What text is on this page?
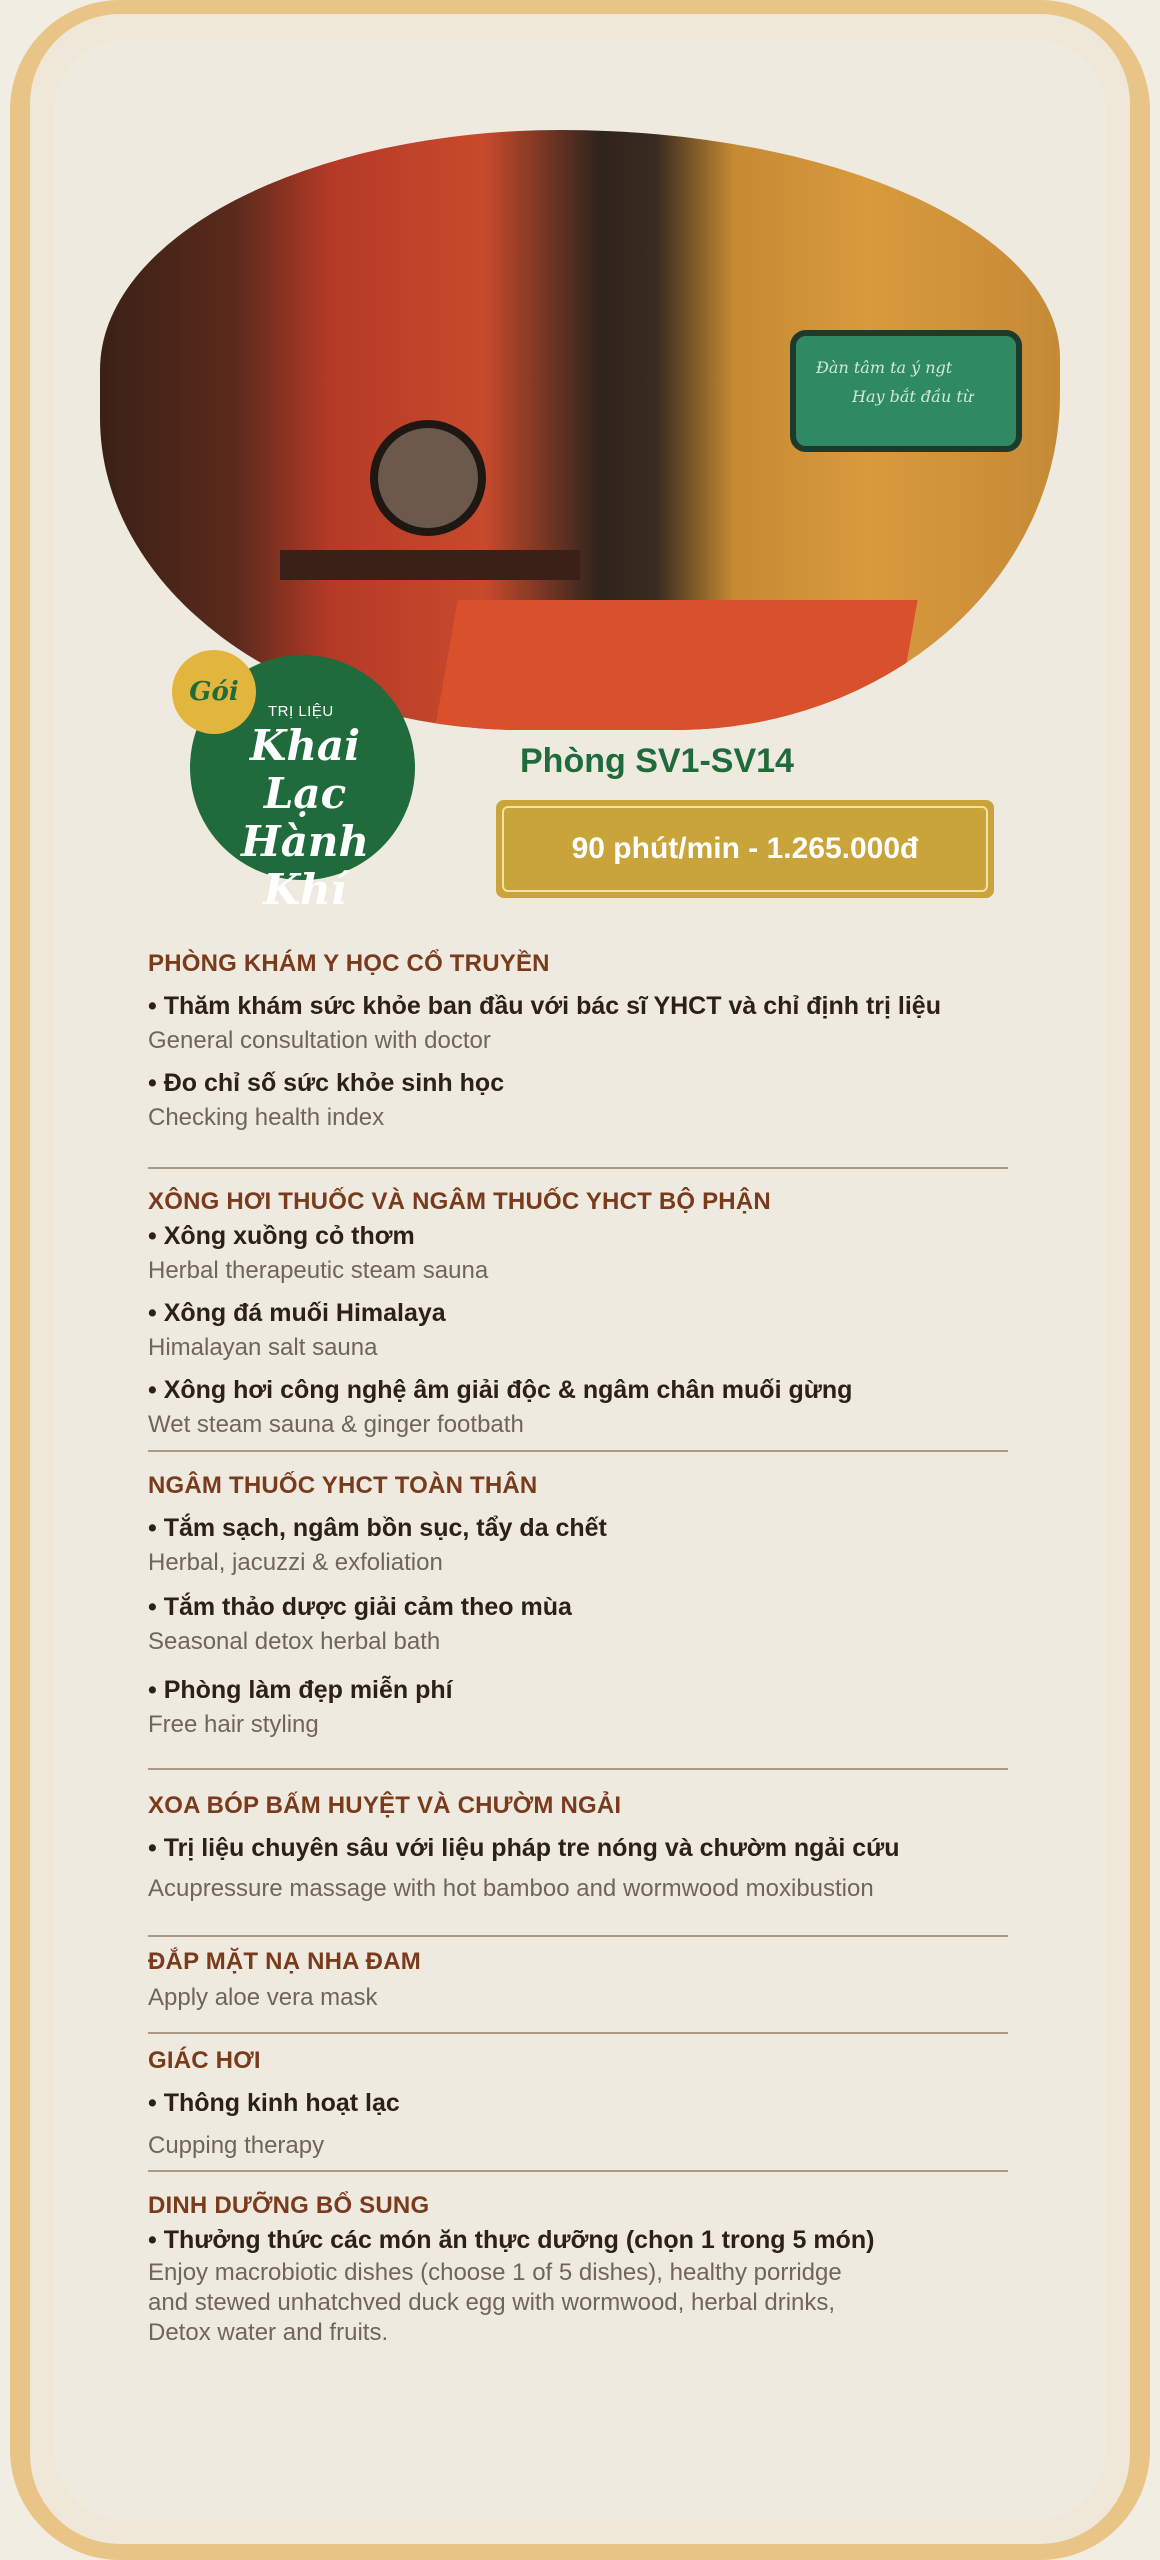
Đàn tâm ta ý ngt
Hay bắt đầu từ
Gói
TRỊ LIỆU
Khai Lạc
Hành Khí
Phòng SV1-SV14
90 phút/min - 1.265.000đ

PHÒNG KHÁM Y HỌC CỔ TRUYỀN

• Thăm khám sức khỏe ban đầu với bác sĩ YHCT và chỉ định trị liệu

General consultation with doctor

• Đo chỉ số sức khỏe sinh học

Checking health index

XÔNG HƠI THUỐC VÀ NGÂM THUỐC YHCT BỘ PHẬN

• Xông xuồng cỏ thơm

Herbal therapeutic steam sauna

• Xông đá muối Himalaya

Himalayan salt sauna

• Xông hơi công nghệ âm giải độc & ngâm chân muối gừng

Wet steam sauna & ginger footbath

NGÂM THUỐC YHCT TOÀN THÂN

• Tắm sạch, ngâm bồn sục, tẩy da chết

Herbal, jacuzzi & exfoliation

• Tắm thảo dược giải cảm theo mùa

Seasonal detox herbal bath

• Phòng làm đẹp miễn phí

Free hair styling

XOA BÓP BẤM HUYỆT VÀ CHƯỜM NGẢI

• Trị liệu chuyên sâu với liệu pháp tre nóng và chườm ngải cứu

Acupressure massage with hot bamboo and wormwood moxibustion

ĐẮP MẶT NẠ NHA ĐAM

Apply aloe vera mask

GIÁC HƠI

• Thông kinh hoạt lạc

Cupping therapy

DINH DƯỠNG BỔ SUNG

• Thưởng thức các món ăn thực dưỡng (chọn 1 trong 5 món)

Enjoy macrobiotic dishes (choose 1 of 5 dishes), healthy porridge

and stewed unhatchved duck egg with wormwood, herbal drinks,

Detox water and fruits.
